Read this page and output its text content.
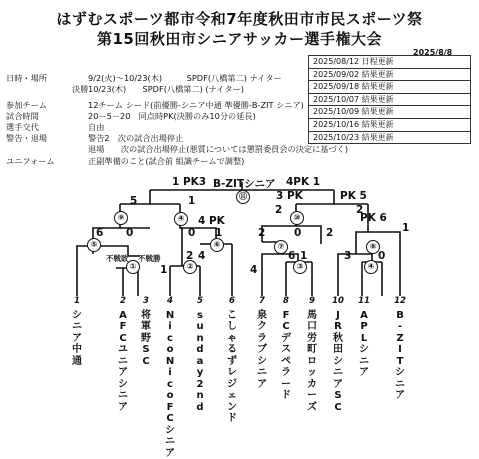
はずむスポーツ都市令和7年度秋田市市民スポーツ祭
第15回秋田市シニアサッカー選手権大会
2025/8/8
2025/08/12 日程更新
2025/09/02 結果更新
2025/09/18 結果更新
2025/10/07 結果更新
2025/10/09 結果更新
2025/10/16 結果更新
2025/10/23 結果更新
日時・場所	9/2(火)～10/23(木)　　　SPDF(八橋第二) ナイター
決勝 10/23(木)　　SPDF(八橋第二) (ナイター)
参加チーム	12チーム シード(前優勝-シニア中通 準優勝-B-ZIT シニア)
試合時間	20－5－20　同点時PK(決勝のみ10分の延長)
選手交代	自由
警告・退場	警告2　次の試合出場停止
退場　　次の試合出場停止(悪質については懲罰委員会の決定に基づく)
ユニフォーム	正副準備のこと(試合前 組識チームで調整)
1 PK3 B-ZITシニア 4PK 1
⑪
⑨	④	⑩
⑤	⑥	⑦	⑧
①	②	③	④
5	1	3 PK	PK 5
2
2
6 0
4 PK
1
0	2	0 2
PK 6
1
2 4	6 1	3	0
1	4
不戦敗 不戦勝
1
シ
ニ
ア
中
通
2
A
F
C
ユ
ニ
ア
シ
ニ
ア
3
将
軍
野
S
C
4
N
i
c
o
N
i
c
o
F
C
シ
ニ
ア
5
s
u
n
d
a
y
2
n
d
6
こ
し
ゃ
る
ず
レ
ジ
ェ
ン
ド
7
泉
ク
ラ
ブ
シ
ニ
ア
8
F
C
デ
ス
ペ
ラ
ー
ド
9
馬
口
労
町
ロ
ッ
カ
ー
ズ
10
J
R
秋
田
シ
ニ
ア
S
C
11
A
P
L
シ
ニ
ア
12
B
-
Z
I
T
シ
ニ
ア
